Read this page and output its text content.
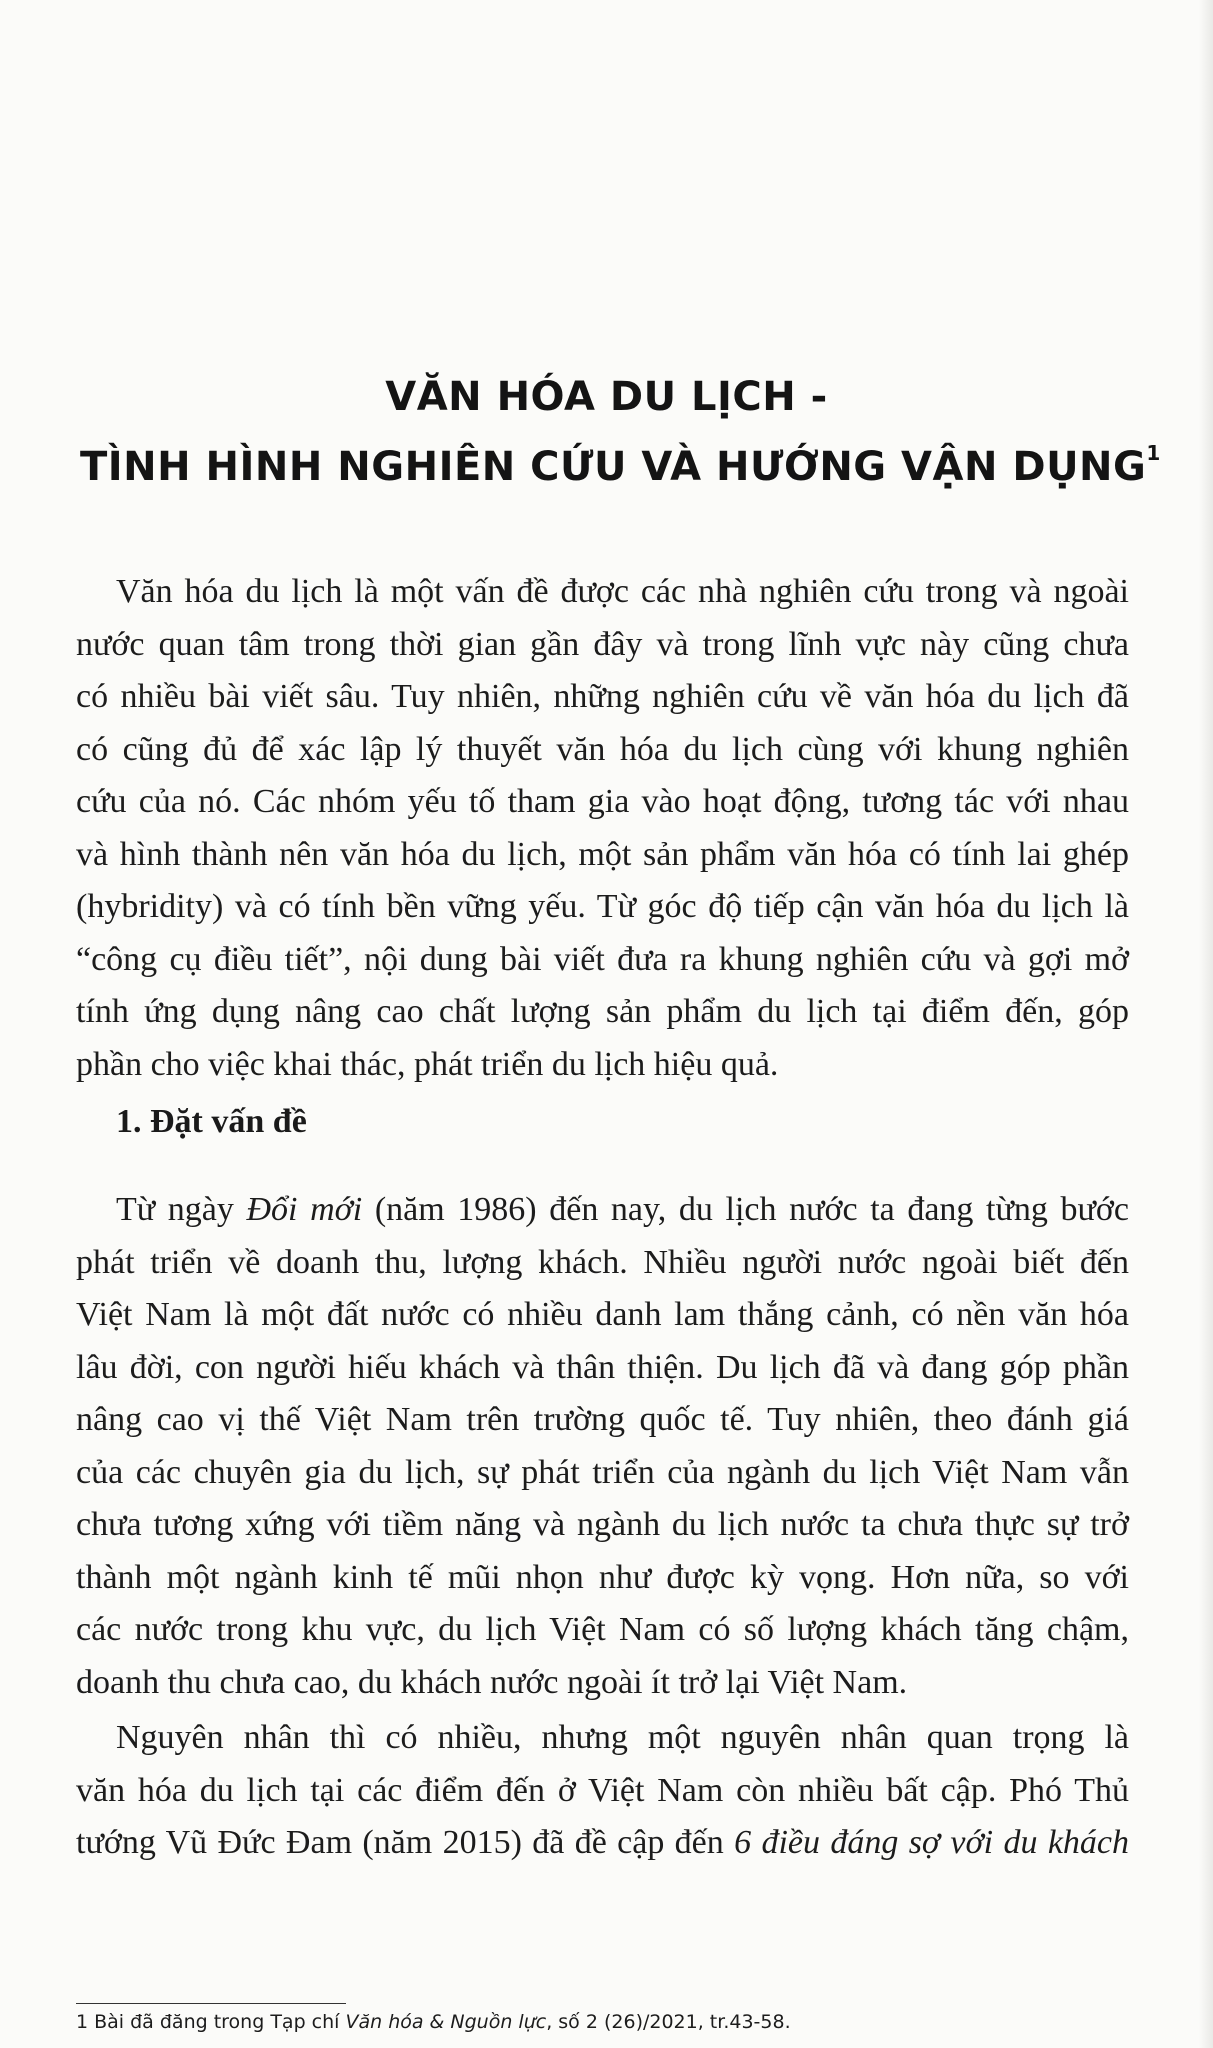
VĂN HÓA DU LỊCH -
TÌNH HÌNH NGHIÊN CỨU VÀ HƯỚNG VẬN DỤNG$^1$
Văn hóa du lịch là một vấn đề được các nhà nghiên cứu trong và ngoài
nước quan tâm trong thời gian gần đây và trong lĩnh vực này cũng chưa
có nhiều bài viết sâu. Tuy nhiên, những nghiên cứu về văn hóa du lịch đã
có cũng đủ để xác lập lý thuyết văn hóa du lịch cùng với khung nghiên
cứu của nó. Các nhóm yếu tố tham gia vào hoạt động, tương tác với nhau
và hình thành nên văn hóa du lịch, một sản phẩm văn hóa có tính lai ghép
(hybridity) và có tính bền vững yếu. Từ góc độ tiếp cận văn hóa du lịch là
“công cụ điều tiết”, nội dung bài viết đưa ra khung nghiên cứu và gợi mở
tính ứng dụng nâng cao chất lượng sản phẩm du lịch tại điểm đến, góp
phần cho việc khai thác, phát triển du lịch hiệu quả.
1. Đặt vấn đề
Từ ngày Đổi mới (năm 1986) đến nay, du lịch nước ta đang từng bước
phát triển về doanh thu, lượng khách. Nhiều người nước ngoài biết đến
Việt Nam là một đất nước có nhiều danh lam thắng cảnh, có nền văn hóa
lâu đời, con người hiếu khách và thân thiện. Du lịch đã và đang góp phần
nâng cao vị thế Việt Nam trên trường quốc tế. Tuy nhiên, theo đánh giá
của các chuyên gia du lịch, sự phát triển của ngành du lịch Việt Nam vẫn
chưa tương xứng với tiềm năng và ngành du lịch nước ta chưa thực sự trở
thành một ngành kinh tế mũi nhọn như được kỳ vọng. Hơn nữa, so với
các nước trong khu vực, du lịch Việt Nam có số lượng khách tăng chậm,
doanh thu chưa cao, du khách nước ngoài ít trở lại Việt Nam.
Nguyên nhân thì có nhiều, nhưng một nguyên nhân quan trọng là
văn hóa du lịch tại các điểm đến ở Việt Nam còn nhiều bất cập. Phó Thủ
tướng Vũ Đức Đam (năm 2015) đã đề cập đến 6 điều đáng sợ với du khách
1 Bài đã đăng trong Tạp chí Văn hóa & Nguồn lực, số 2 (26)/2021, tr.43-58.
